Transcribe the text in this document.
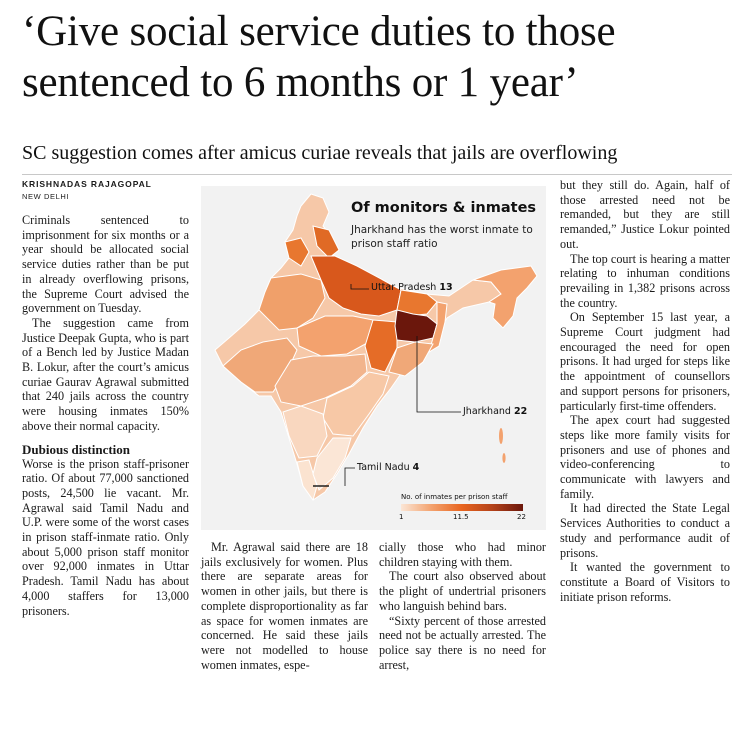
‘Give social service duties to those
sentenced to 6 months or 1 year’

SC suggestion comes after amicus curiae reveals that jails are overflowing

KRISHNADAS RAJAGOPAL
NEW DELHI

Criminals sentenced to imprisonment for six months or a year should be allocated social service duties rather than be put in already overflowing prisons, the Supreme Court advised the government on Tuesday.

The suggestion came from Justice Deepak Gupta, who is part of a Bench led by Justice Madan B. Lokur, after the court’s amicus curiae Gaurav Agrawal submitted that 240 jails across the country were housing inmates 150% above their normal capacity.

Dubious distinction

Worse is the prison staff-prisoner ratio. Of about 77,000 sanctioned posts, 24,500 lie vacant. Mr. Agrawal said Tamil Nadu and U.P. were some of the worst cases in prison staff-inmate ratio. Only about 5,000 prison staff monitor over 92,000 inmates in Uttar Pradesh. Tamil Nadu has about 4,000 staffers for 13,000 prisoners.

Mr. Agrawal said there are 18 jails exclusively for women. Plus there are separate areas for women in other jails, but there is complete disproportionality as far as space for women inmates are concerned. He said these jails were not modelled to house women inmates, espe-

cially those who had minor children staying with them.

The court also observed about the plight of undertrial prisoners who languish behind bars.

“Sixty percent of those arrested need not be actually arrested. The police say there is no need for arrest,

but they still do. Again, half of those arrested need not be remanded, but they are still remanded,” Justice Lokur pointed out.

The top court is hearing a matter relating to inhuman conditions prevailing in 1,382 prisons across the country.

On September 15 last year, a Supreme Court judgment had encouraged the need for open prisons. It had urged for steps like the appointment of counsellors and support persons for prisoners, particularly first-time offenders.

The apex court had suggested steps like more family visits for prisoners and use of phones and video-conferencing to communicate with lawyers and family.

It had directed the State Legal Services Authorities to conduct a study and performance audit of prisons.

It wanted the government to constitute a Board of Visitors to initiate prison reforms.

Of monitors & inmates
Jharkhand has the worst inmate to prison staff ratio
Uttar Pradesh 13
Jharkhand 22
Tamil Nadu 4
No. of inmates per prison staff
1	11.5	22
